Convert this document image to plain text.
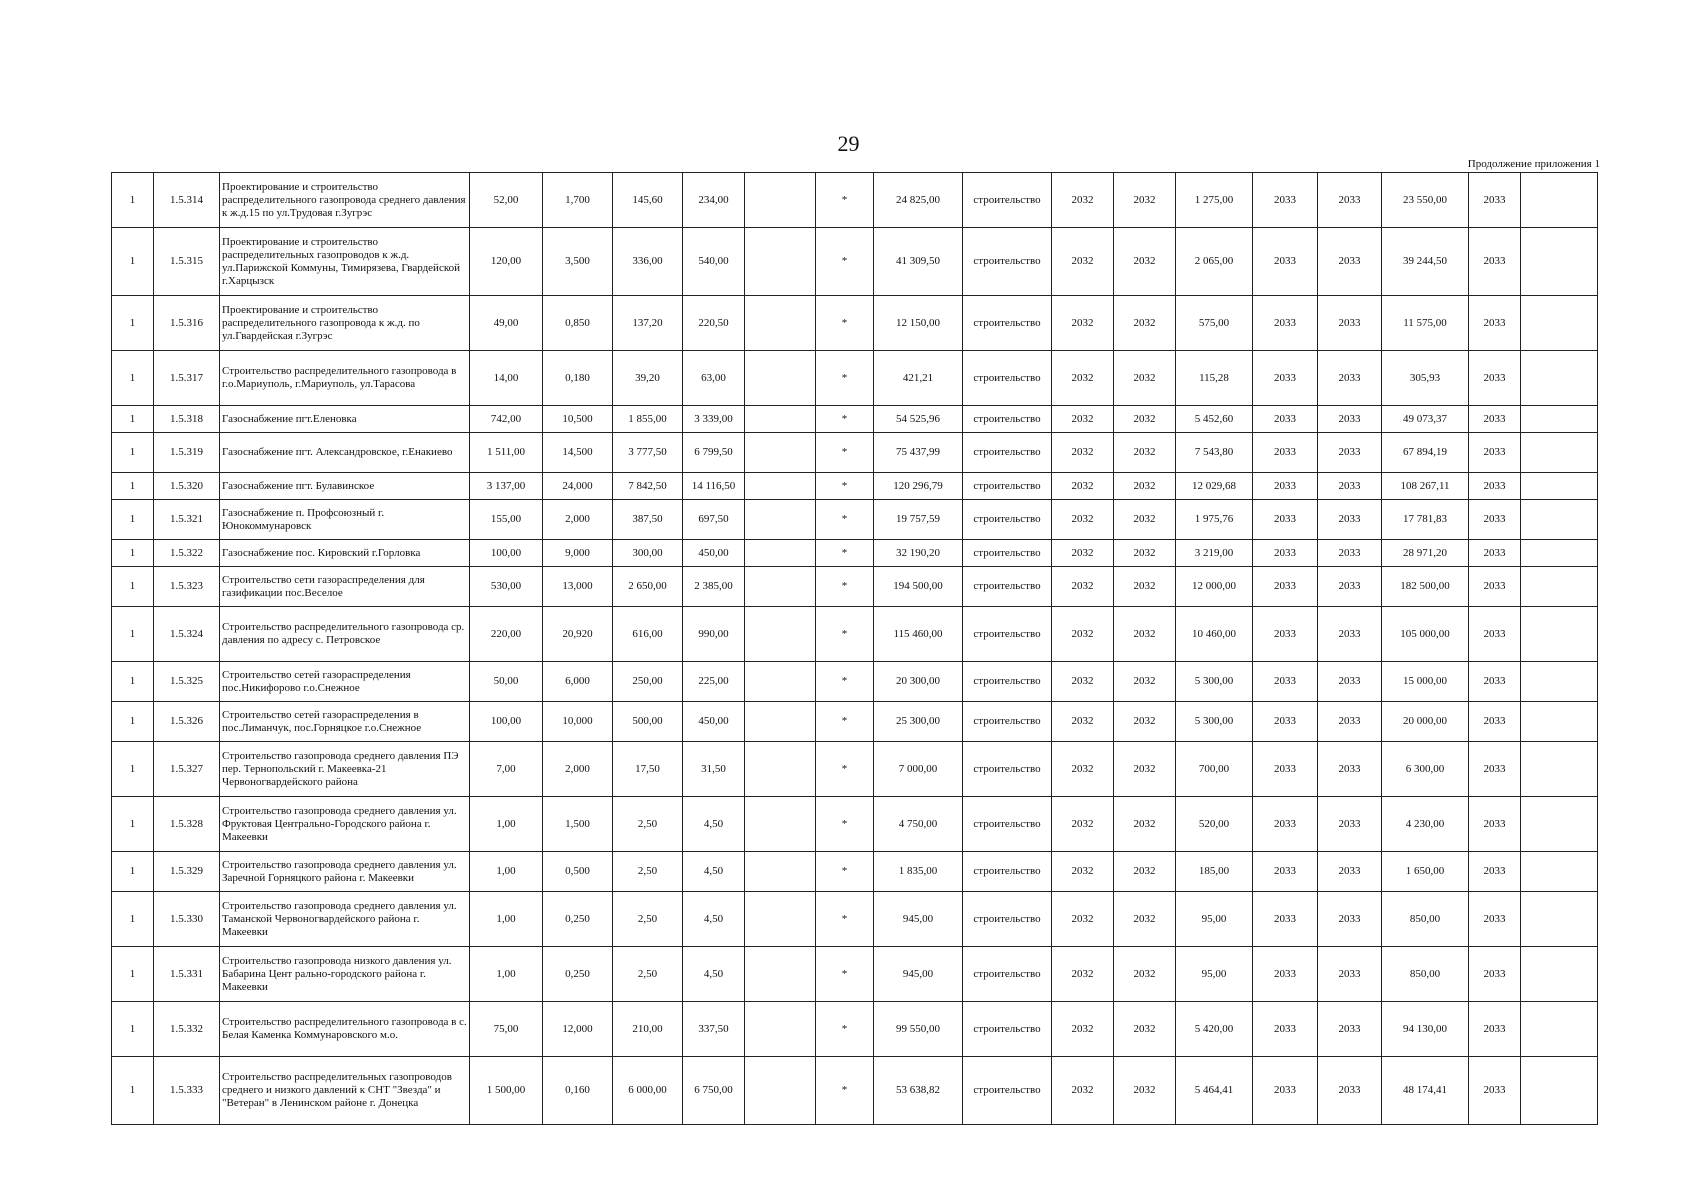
29
Продолжение приложения 1
1	1.5.314	Проектирование и строительство распределительного газопровода среднего давления к ж.д.15 по ул.Трудовая г.Зугрэс	52,00	1,700	145,60	234,00		*	24 825,00	строительство	2032	2032	1 275,00	2033	2033	23 550,00	2033	
1	1.5.315	Проектирование и строительство распределительных газопроводов к ж.д. ул.Парижской Коммуны, Тимирязева, Гвардейской г.Харцызск	120,00	3,500	336,00	540,00		*	41 309,50	строительство	2032	2032	2 065,00	2033	2033	39 244,50	2033	
1	1.5.316	Проектирование и строительство распределительного газопровода к ж.д. по ул.Гвардейская г.Зугрэс	49,00	0,850	137,20	220,50		*	12 150,00	строительство	2032	2032	575,00	2033	2033	11 575,00	2033	
1	1.5.317	Строительство распределительного газопровода в г.о.Мариуполь, г.Мариуполь, ул.Тарасова	14,00	0,180	39,20	63,00		*	421,21	строительство	2032	2032	115,28	2033	2033	305,93	2033	
1	1.5.318	Газоснабжение пгт.Еленовка	742,00	10,500	1 855,00	3 339,00		*	54 525,96	строительство	2032	2032	5 452,60	2033	2033	49 073,37	2033	
1	1.5.319	Газоснабжение пгт. Александровское, г.Енакиево	1 511,00	14,500	3 777,50	6 799,50		*	75 437,99	строительство	2032	2032	7 543,80	2033	2033	67 894,19	2033	
1	1.5.320	Газоснабжение пгт. Булавинское	3 137,00	24,000	7 842,50	14 116,50		*	120 296,79	строительство	2032	2032	12 029,68	2033	2033	108 267,11	2033	
1	1.5.321	Газоснабжение п. Профсоюзный г. Юнокоммунаровск	155,00	2,000	387,50	697,50		*	19 757,59	строительство	2032	2032	1 975,76	2033	2033	17 781,83	2033	
1	1.5.322	Газоснабжение пос. Кировский г.Горловка	100,00	9,000	300,00	450,00		*	32 190,20	строительство	2032	2032	3 219,00	2033	2033	28 971,20	2033	
1	1.5.323	Строительство сети газораспределения для газификации пос.Веселое	530,00	13,000	2 650,00	2 385,00		*	194 500,00	строительство	2032	2032	12 000,00	2033	2033	182 500,00	2033	
1	1.5.324	Строительство распределительного газопровода ср. давления по адресу с. Петровское	220,00	20,920	616,00	990,00		*	115 460,00	строительство	2032	2032	10 460,00	2033	2033	105 000,00	2033	
1	1.5.325	Строительство сетей газораспределения пос.Никифорово г.о.Снежное	50,00	6,000	250,00	225,00		*	20 300,00	строительство	2032	2032	5 300,00	2033	2033	15 000,00	2033	
1	1.5.326	Строительство сетей газораспределения в пос.Лиманчук, пос.Горняцкое г.о.Снежное	100,00	10,000	500,00	450,00		*	25 300,00	строительство	2032	2032	5 300,00	2033	2033	20 000,00	2033	
1	1.5.327	Строительство газопровода среднего давления ПЭ пер. Тернопольский г. Макеевка-21 Червоногвардейского района	7,00	2,000	17,50	31,50		*	7 000,00	строительство	2032	2032	700,00	2033	2033	6 300,00	2033	
1	1.5.328	Строительство газопровода среднего давления ул. Фруктовая Центрально-Городского района г. Макеевки	1,00	1,500	2,50	4,50		*	4 750,00	строительство	2032	2032	520,00	2033	2033	4 230,00	2033	
1	1.5.329	Строительство газопровода среднего давления ул. Заречной Горняцкого района г. Макеевки	1,00	0,500	2,50	4,50		*	1 835,00	строительство	2032	2032	185,00	2033	2033	1 650,00	2033	
1	1.5.330	Строительство газопровода среднего давления ул. Таманской Червоногвардейского района г. Макеевки	1,00	0,250	2,50	4,50		*	945,00	строительство	2032	2032	95,00	2033	2033	850,00	2033	
1	1.5.331	Строительство газопровода низкого давления ул. Бабарина Цент рально-городского района г. Макеевки	1,00	0,250	2,50	4,50		*	945,00	строительство	2032	2032	95,00	2033	2033	850,00	2033	
1	1.5.332	Строительство распределительного газопровода в с. Белая Каменка Коммунаровского м.о.	75,00	12,000	210,00	337,50		*	99 550,00	строительство	2032	2032	5 420,00	2033	2033	94 130,00	2033	
1	1.5.333	Строительство распределительных газопроводов среднего и низкого давлений к СНТ "Звезда" и "Ветеран" в Ленинском районе г. Донецка	1 500,00	0,160	6 000,00	6 750,00		*	53 638,82	строительство	2032	2032	5 464,41	2033	2033	48 174,41	2033	
